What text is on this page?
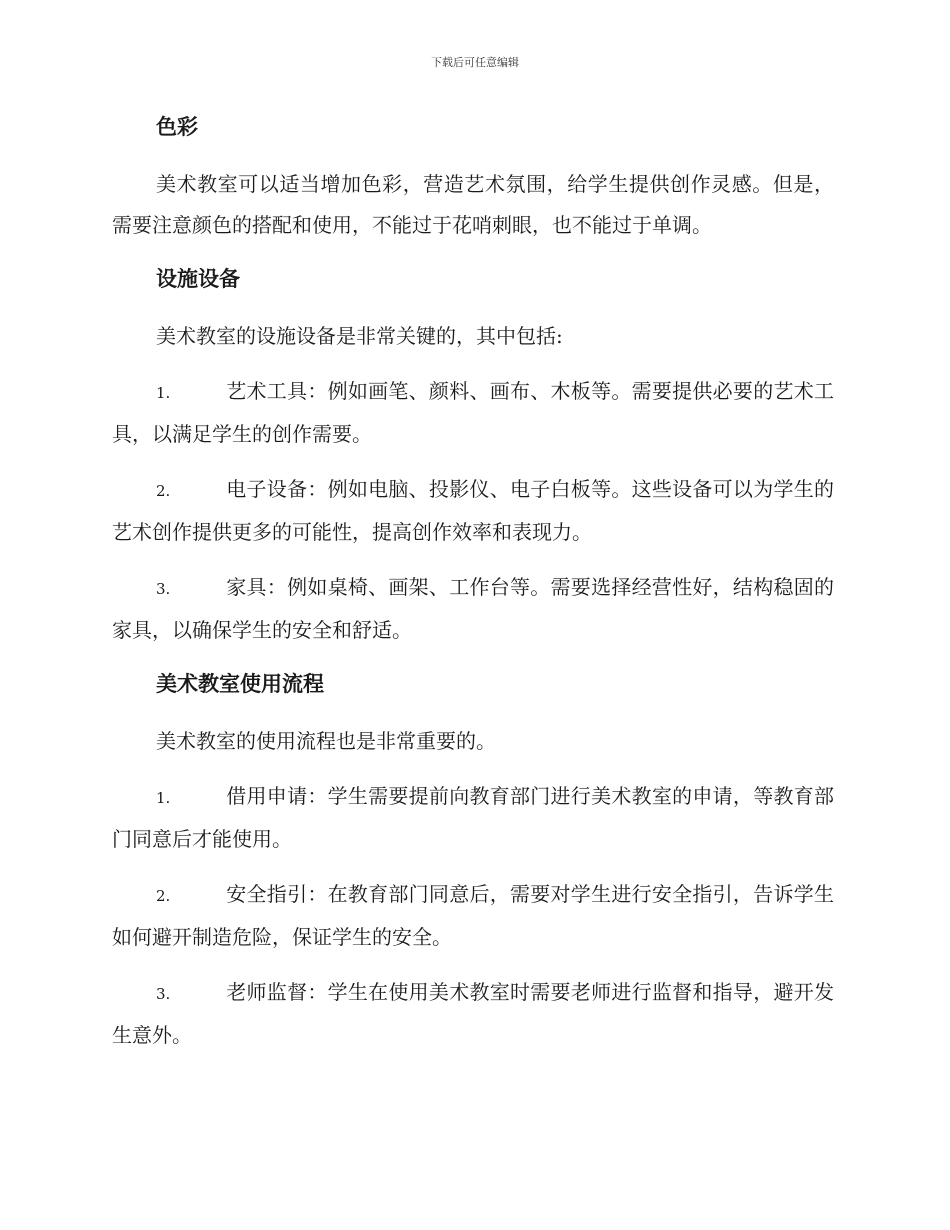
下载后可任意编辑
色彩

美术教室可以适当增加色彩，营造艺术氛围，给学生提供创作灵感。但是，需要注意颜色的搭配和使用，不能过于花哨刺眼，也不能过于单调。

设施设备

美术教室的设施设备是非常关键的，其中包括:

1.	艺术工具：例如画笔、颜料、画布、木板等。需要提供必要的艺术工具，以满足学生的创作需要。

2.	电子设备：例如电脑、投影仪、电子白板等。这些设备可以为学生的艺术创作提供更多的可能性，提高创作效率和表现力。

3.	家具：例如桌椅、画架、工作台等。需要选择经营性好，结构稳固的家具，以确保学生的安全和舒适。

美术教室使用流程

美术教室的使用流程也是非常重要的。

1.	借用申请：学生需要提前向教育部门进行美术教室的申请，等教育部门同意后才能使用。

2.	安全指引：在教育部门同意后，需要对学生进行安全指引，告诉学生如何避开制造危险，保证学生的安全。

3.	老师监督：学生在使用美术教室时需要老师进行监督和指导，避开发生意外。
